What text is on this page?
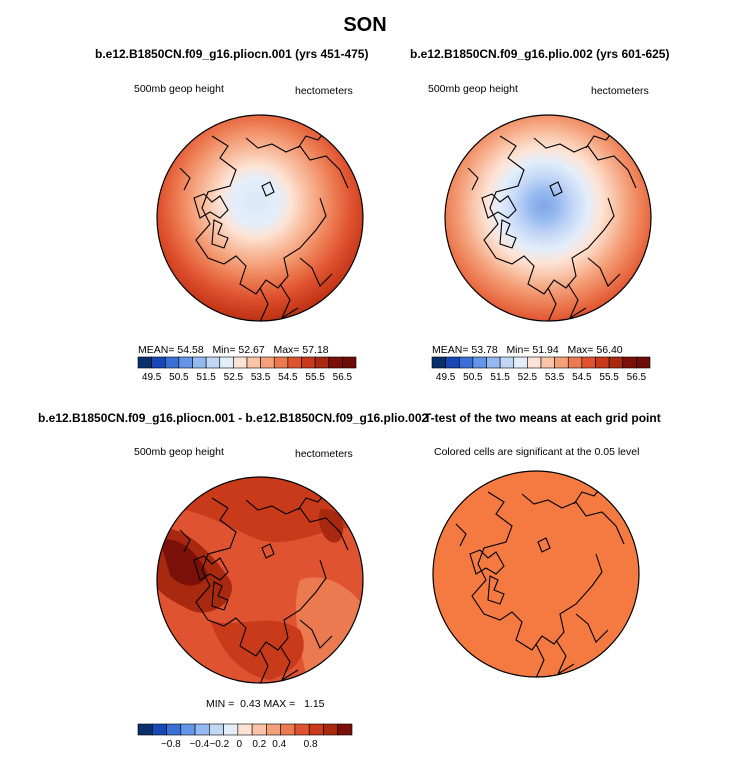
SON
b.e12.B1850CN.f09_g16.pliocn.001 (yrs 451-475)	b.e12.B1850CN.f09_g16.plio.002 (yrs 601-625)
b.e12.B1850CN.f09_g16.pliocn.001 - b.e12.B1850CN.f09_g16.plio.002
T-test of the two means at each grid point
500mb geop height	hectometers	500mb geop height	hectometers
500mb geop height	hectometers	Colored cells are significant at the 0.05 level
MEAN= 54.58 Min= 52.67 Max= 57.18	MEAN= 53.78 Min= 51.94 Max= 56.40
MIN = 0.43 MAX = 1.15
49.5 50.5 51.5 52.5 53.5 54.5 55.5 56.5	49.5 50.5 51.5 52.5 53.5 54.5 55.5 56.5
−0.8 −0.4 −0.2 0 0.2 0.4 0.8
